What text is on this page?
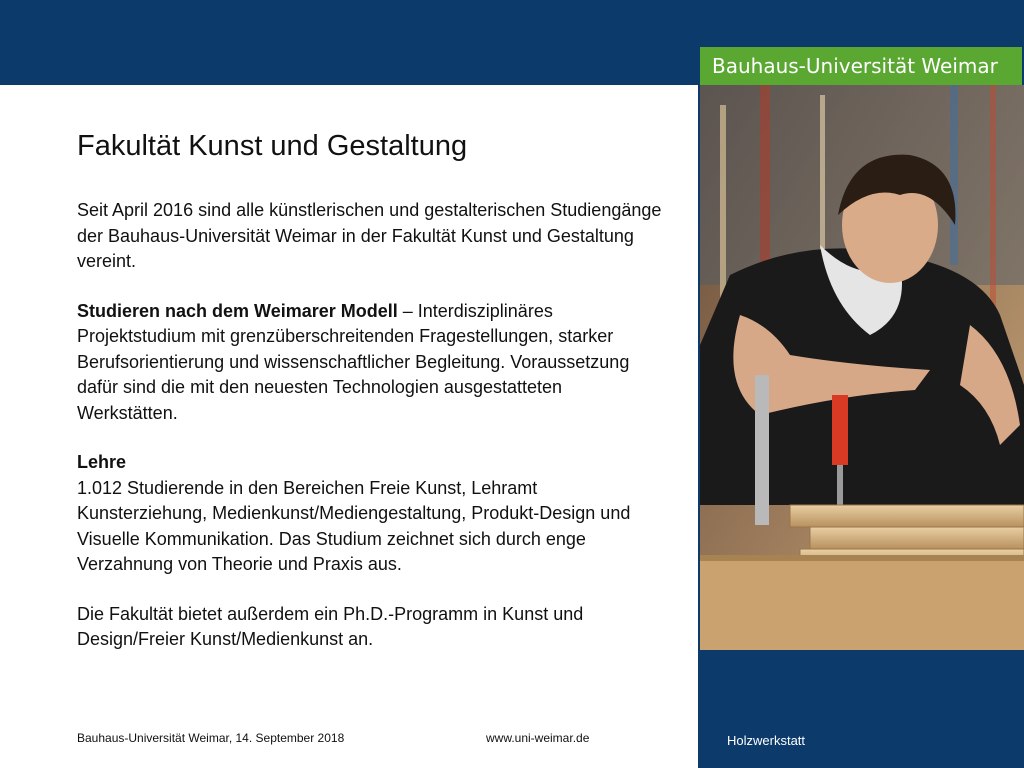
Bauhaus-Universität Weimar
Fakultät Kunst und Gestaltung

Seit April 2016 sind alle künstlerischen und gestalterischen Studiengänge der Bauhaus-Universität Weimar in der Fakultät Kunst und Gestaltung vereint.

Studieren nach dem Weimarer Modell – Interdisziplinäres Projektstudium mit grenzüberschreitenden Fragestellungen, starker Berufsorientierung und wissenschaftlicher Begleitung. Voraussetzung dafür sind die mit den neuesten Technologien ausgestatteten Werkstätten.

Lehre
1.012 Studierende in den Bereichen Freie Kunst, Lehramt Kunsterziehung, Medienkunst/Mediengestaltung, Produkt-Design und Visuelle Kommunikation. Das Studium zeichnet sich durch enge Verzahnung von Theorie und Praxis aus.

Die Fakultät bietet außerdem ein Ph.D.-Programm in Kunst und Design/Freier Kunst/Medienkunst an.

Bauhaus-Universität Weimar, 14. September 2018	www.uni-weimar.de	Holzwerkstatt
